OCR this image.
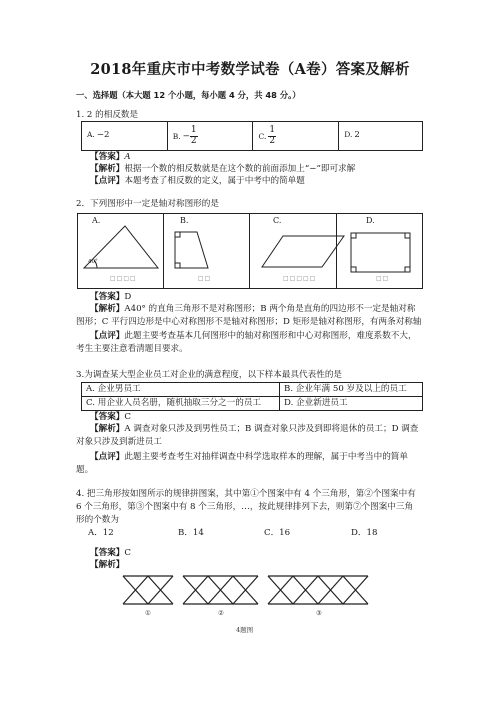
2018年重庆市中考数学试卷（A卷）答案及解析
一、选择题（本大题 12 个小题，每小题 4 分，共 48 分。）
1. 2 的相反数是
A. −2	B. − $\frac{1}{2}$	C. $\frac{1}{2}$	D. 2
【答案】A
【解析】根据一个数的相反数就是在这个数的前面添加上“−”即可求解
【点评】本题考查了相反数的定义，属于中考中的简单题
2．下列图形中一定是轴对称图形的是
A.	B.	C.	D.
40°
□□□□	□□	□□□□□	□□
【答案】D
【解析】A40° 的直角三角形不是对称图形；B 两个角是直角的四边形不一定是轴对称
图形；C 平行四边形是中心对称图形不是轴对称图形；D 矩形是轴对称图形，有两条对称轴
【点评】此题主要考查基本几何图形中的轴对称图形和中心对称图形，难度系数不大，
考生主要注意看清题目要求。
3.为调查某大型企业员工对企业的满意程度，以下样本最具代表性的是
A. 企业男员工	B. 企业年满 50 岁及以上的员工
C. 用企业人员名册，随机抽取三分之一的员工	D. 企业新进员工
【答案】C
【解析】A 调查对象只涉及到男性员工；B 调查对象只涉及到即将退休的员工；D 调查
对象只涉及到新进员工
【点评】此题主要考查考生对抽样调查中科学选取样本的理解，属于中考当中的简单
题。
4. 把三角形按如图所示的规律拼图案，其中第①个图案中有 4 个三角形，第②个图案中有
6 个三角形，第③个图案中有 8 个三角形，…，按此规律排列下去，则第⑦个图案中三角
形的个数为
A．12	B．14	C．16	D．18
【答案】C
【解析】
①	②	③
4题图
